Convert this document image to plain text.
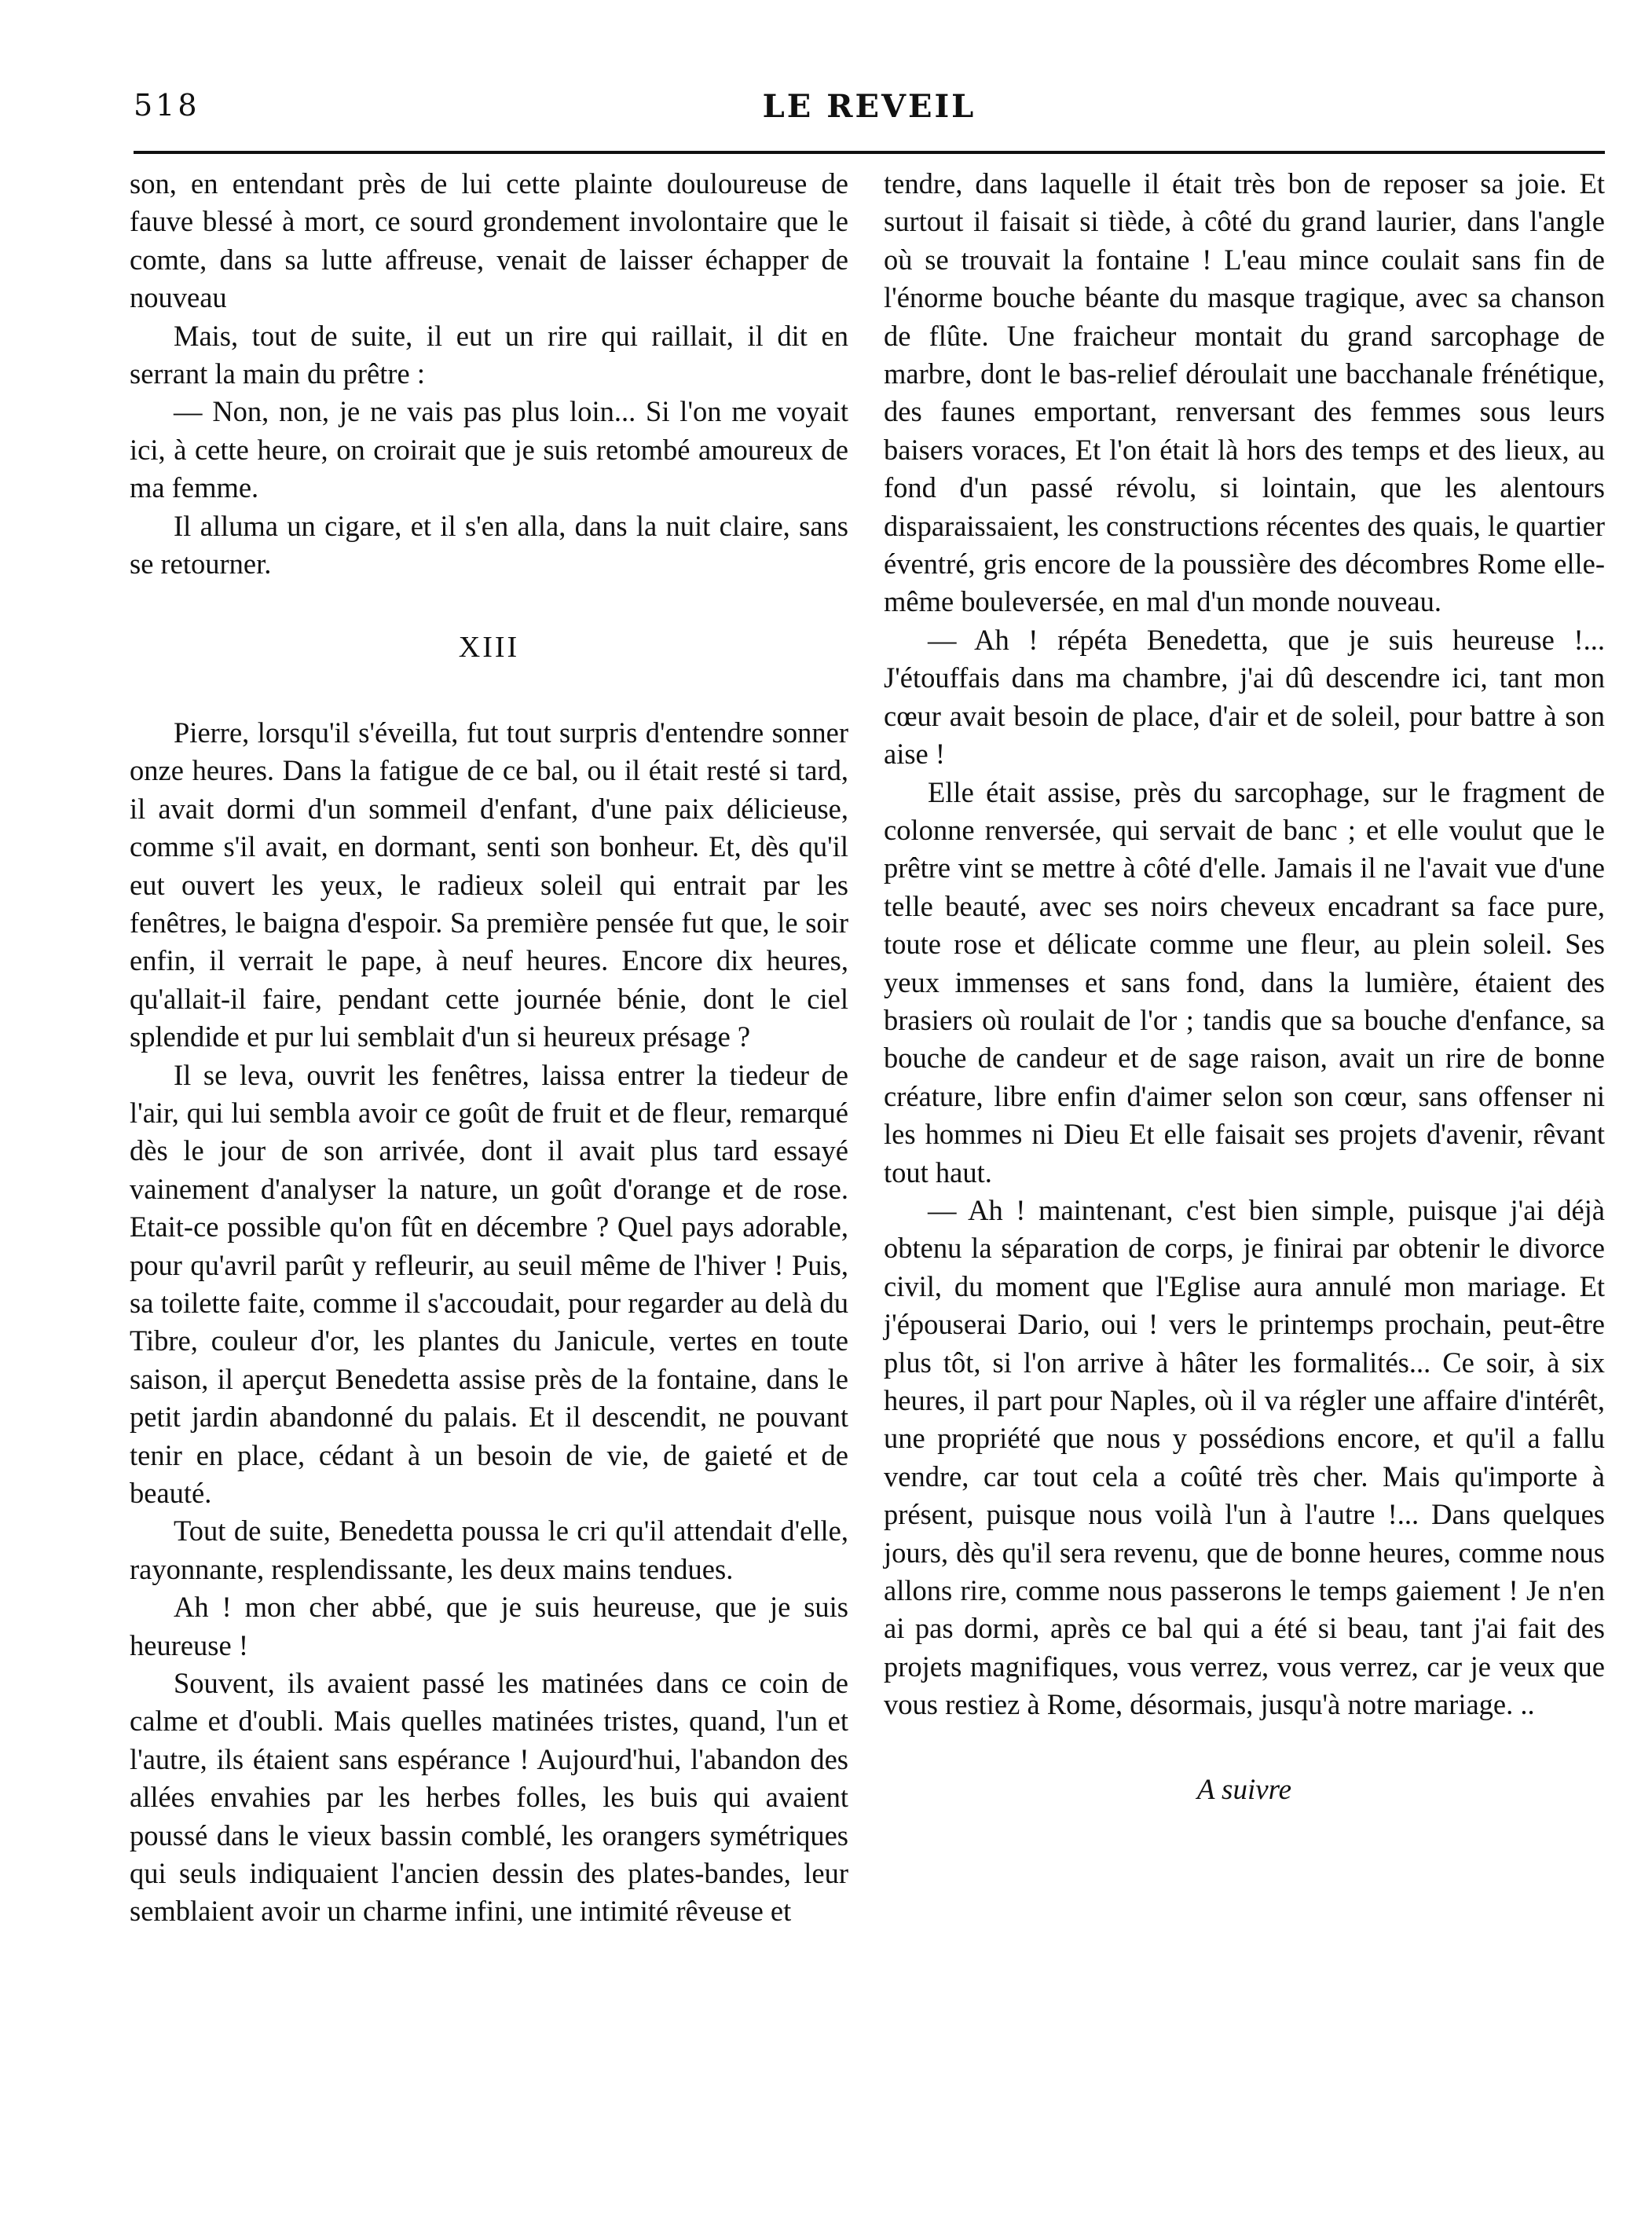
518	LE REVEIL

son, en entendant près de lui cette plainte douloureuse de fauve blessé à mort, ce sourd grondement involontaire que le comte, dans sa lutte affreuse, venait de laisser échapper de nouveau

Mais, tout de suite, il eut un rire qui raillait, il dit en serrant la main du prêtre :

— Non, non, je ne vais pas plus loin... Si l'on me voyait ici, à cette heure, on croirait que je suis retombé amoureux de ma femme.

Il alluma un cigare, et il s'en alla, dans la nuit claire, sans se retourner.

XIII

Pierre, lorsqu'il s'éveilla, fut tout surpris d'entendre sonner onze heures. Dans la fatigue de ce bal, ou il était resté si tard, il avait dormi d'un sommeil d'enfant, d'une paix délicieuse, comme s'il avait, en dormant, senti son bonheur. Et, dès qu'il eut ouvert les yeux, le radieux soleil qui entrait par les fenêtres, le baigna d'espoir. Sa première pensée fut que, le soir enfin, il verrait le pape, à neuf heures. Encore dix heures, qu'allait-il faire, pendant cette journée bénie, dont le ciel splendide et pur lui semblait d'un si heureux présage ?

Il se leva, ouvrit les fenêtres, laissa entrer la tiedeur de l'air, qui lui sembla avoir ce goût de fruit et de fleur, remarqué dès le jour de son arrivée, dont il avait plus tard essayé vainement d'analyser la nature, un goût d'orange et de rose. Etait-ce possible qu'on fût en décembre ? Quel pays adorable, pour qu'avril parût y refleurir, au seuil même de l'hiver ! Puis, sa toilette faite, comme il s'accoudait, pour regarder au delà du Tibre, couleur d'or, les plantes du Janicule, vertes en toute saison, il aperçut Benedetta assise près de la fontaine, dans le petit jardin abandonné du palais. Et il descendit, ne pouvant tenir en place, cédant à un besoin de vie, de gaieté et de beauté.

Tout de suite, Benedetta poussa le cri qu'il attendait d'elle, rayonnante, resplendissante, les deux mains tendues.

Ah ! mon cher abbé, que je suis heureuse, que je suis heureuse !

Souvent, ils avaient passé les matinées dans ce coin de calme et d'oubli. Mais quelles matinées tristes, quand, l'un et l'autre, ils étaient sans espérance ! Aujourd'hui, l'abandon des allées envahies par les herbes folles, les buis qui avaient poussé dans le vieux bassin comblé, les orangers symétriques qui seuls indiquaient l'ancien dessin des plates-bandes, leur semblaient avoir un charme infini, une intimité rêveuse et

tendre, dans laquelle il était très bon de reposer sa joie. Et surtout il faisait si tiède, à côté du grand laurier, dans l'angle où se trouvait la fontaine ! L'eau mince coulait sans fin de l'énorme bouche béante du masque tragique, avec sa chanson de flûte. Une fraicheur montait du grand sarcophage de marbre, dont le bas-relief déroulait une bacchanale frénétique, des faunes emportant, renversant des femmes sous leurs baisers voraces, Et l'on était là hors des temps et des lieux, au fond d'un passé révolu, si lointain, que les alentours disparaissaient, les constructions récentes des quais, le quartier éventré, gris encore de la poussière des décombres Rome elle-même bouleversée, en mal d'un monde nouveau.

— Ah ! répéta Benedetta, que je suis heureuse !... J'étouffais dans ma chambre, j'ai dû descendre ici, tant mon cœur avait besoin de place, d'air et de soleil, pour battre à son aise !

Elle était assise, près du sarcophage, sur le fragment de colonne renversée, qui servait de banc ; et elle voulut que le prêtre vint se mettre à côté d'elle. Jamais il ne l'avait vue d'une telle beauté, avec ses noirs cheveux encadrant sa face pure, toute rose et délicate comme une fleur, au plein soleil. Ses yeux immenses et sans fond, dans la lumière, étaient des brasiers où roulait de l'or ; tandis que sa bouche d'enfance, sa bouche de candeur et de sage raison, avait un rire de bonne créature, libre enfin d'aimer selon son cœur, sans offenser ni les hommes ni Dieu Et elle faisait ses projets d'avenir, rêvant tout haut.

— Ah ! maintenant, c'est bien simple, puisque j'ai déjà obtenu la séparation de corps, je finirai par obtenir le divorce civil, du moment que l'Eglise aura annulé mon mariage. Et j'épouserai Dario, oui ! vers le printemps prochain, peut-être plus tôt, si l'on arrive à hâter les formalités... Ce soir, à six heures, il part pour Naples, où il va régler une affaire d'intérêt, une propriété que nous y possédions encore, et qu'il a fallu vendre, car tout cela a coûté très cher. Mais qu'importe à présent, puisque nous voilà l'un à l'autre !... Dans quelques jours, dès qu'il sera revenu, que de bonne heures, comme nous allons rire, comme nous passerons le temps gaiement ! Je n'en ai pas dormi, après ce bal qui a été si beau, tant j'ai fait des projets magnifiques, vous verrez, vous verrez, car je veux que vous restiez à Rome, désormais, jusqu'à notre mariage. ..

A suivre
